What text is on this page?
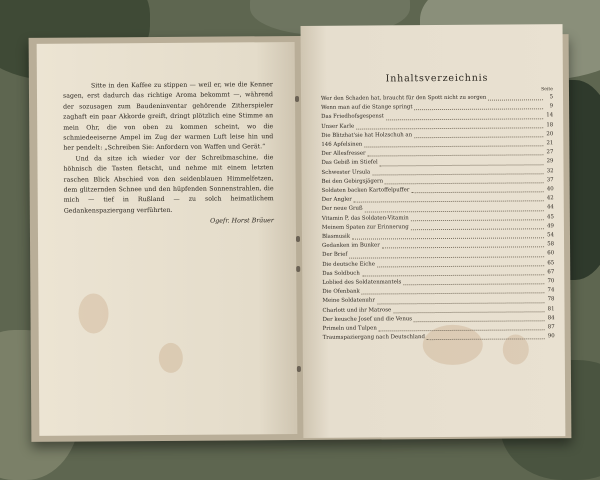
Sitte in den Kaffee zu stippen — weil er, wie die Kenner sagen, erst dadurch das richtige Aroma bekommt —, während der sozusagen zum Baudeninventar gehörende Zitherspieler zaghaft ein paar Akkorde greift, dringt plötzlich eine Stimme an mein Ohr, die von oben zu kommen scheint, wo die schmiedeeiserne Ampel im Zug der warmen Luft leise hin und her pendelt: „Schreiben Sie: Anfordern von Waffen und Gerät.“

Und da sitze ich wieder vor der Schreibmaschine, die höhnisch die Tasten fletscht, und nehme mit einem letzten raschen Blick Abschied von den seidenblauen Himmelfetzen, dem glitzernden Schnee und den hüpfenden Sonnenstrahlen, die mich — tief in Rußland — zu solch heimatlichem Gedankenspaziergang verführten.

Ogefr. Horst Bräuer

Inhaltsverzeichnis
Seite
Wer den Schaden hat, braucht für den Spott nicht zu sorgen	5
Wenn man auf die Stange springt	9
Das Friedhofsgespenst	14
Unser Karle	18
Die Blitzhat'sie hat Holzschuh an	20
146 Apfelsinen	21
Der Allesfresser	27
Das Gebiß im Stiefel	29
Schwester Ursula	32
Bei den Gebirgsjägern	37
Soldaten backen Kartoffelpuffer	40
Der Angler	42
Der neue Gruß	44
Vitamin P, das Soldaten-Vitamin	45
Meinem Spaten zur Erinnerung	49
Blasmusik	54
Gedanken im Bunker	58
Der Brief	60
Die deutsche Eiche	65
Das Soldbuch	67
Loblied des Soldatenmantels	70
Die Ofenbank	74
Meine Soldatenuhr	78
Charlott und ihr Matrose	81
Der keusche Josef und die Venus	84
Primeln und Tulpen	87
Traumspaziergang nach Deutschland	90
